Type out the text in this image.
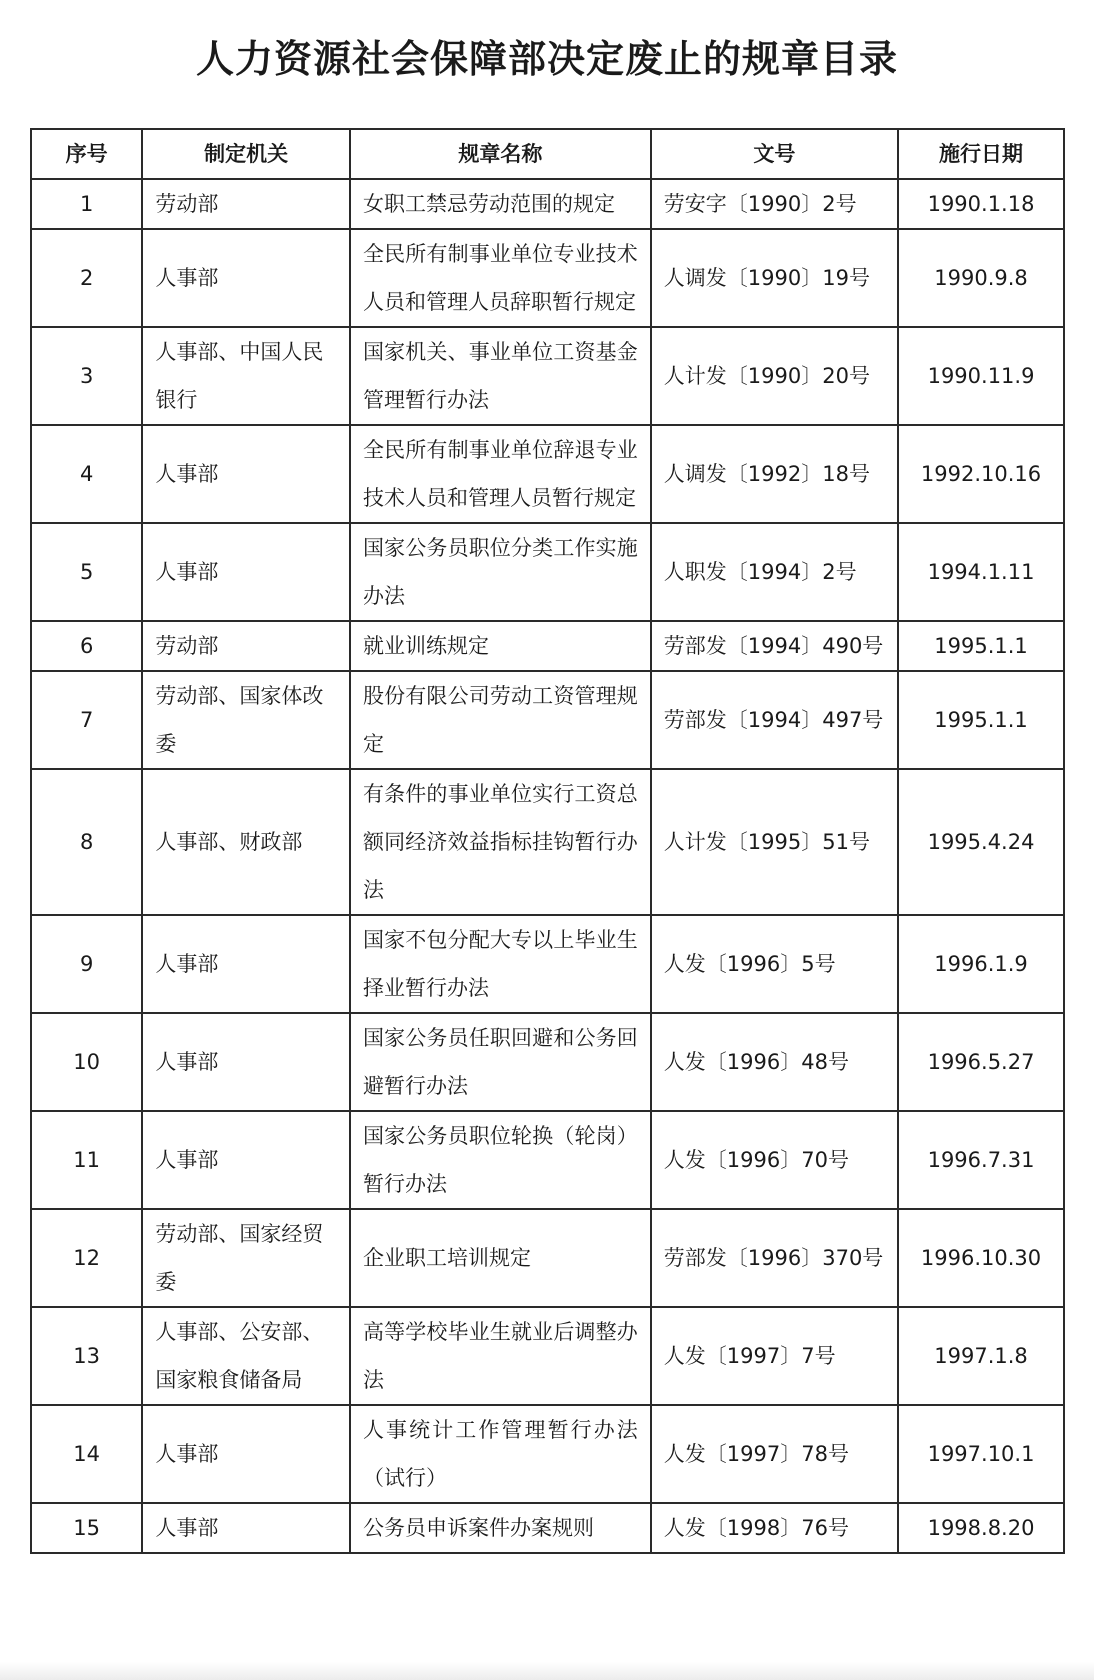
人力资源社会保障部决定废止的规章目录
序号	制定机关	规章名称	文号	施行日期
1	劳动部	女职工禁忌劳动范围的规定	劳安字〔1990〕2号	1990.1.18
2	人事部	全民所有制事业单位专业技术人员和管理人员辞职暂行规定	人调发〔1990〕19号	1990.9.8
3	人事部、中国人民银行	国家机关、事业单位工资基金管理暂行办法	人计发〔1990〕20号	1990.11.9
4	人事部	全民所有制事业单位辞退专业技术人员和管理人员暂行规定	人调发〔1992〕18号	1992.10.16
5	人事部	国家公务员职位分类工作实施办法	人职发〔1994〕2号	1994.1.11
6	劳动部	就业训练规定	劳部发〔1994〕490号	1995.1.1
7	劳动部、国家体改委	股份有限公司劳动工资管理规定	劳部发〔1994〕497号	1995.1.1
8	人事部、财政部	有条件的事业单位实行工资总额同经济效益指标挂钩暂行办法	人计发〔1995〕51号	1995.4.24
9	人事部	国家不包分配大专以上毕业生择业暂行办法	人发〔1996〕5号	1996.1.9
10	人事部	国家公务员任职回避和公务回避暂行办法	人发〔1996〕48号	1996.5.27
11	人事部	国家公务员职位轮换（轮岗）暂行办法	人发〔1996〕70号	1996.7.31
12	劳动部、国家经贸委	企业职工培训规定	劳部发〔1996〕370号	1996.10.30
13	人事部、公安部、国家粮食储备局	高等学校毕业生就业后调整办法	人发〔1997〕7号	1997.1.8
14	人事部	人事统计工作管理暂行办法（试行）	人发〔1997〕78号	1997.10.1
15	人事部	公务员申诉案件办案规则	人发〔1998〕76号	1998.8.20
